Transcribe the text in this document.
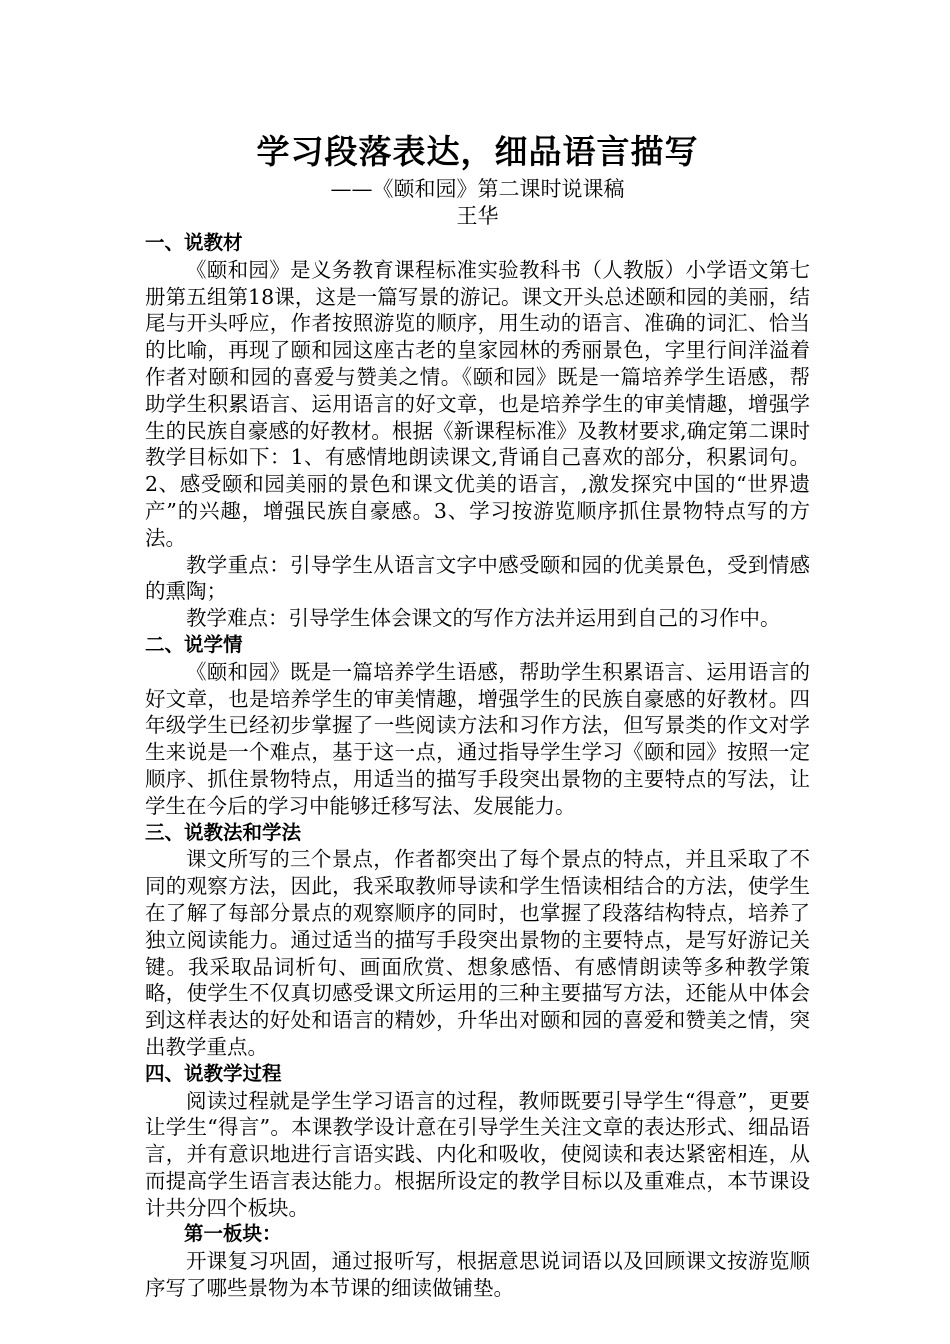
学习段落表达，细品语言描写

——《颐和园》第二课时说课稿

王华

一、说教材

《颐和园》是义务教育课程标准实验教科书（人教版）小学语文第七册第五组第18课，这是一篇写景的游记。课文开头总述颐和园的美丽，结尾与开头呼应，作者按照游览的顺序，用生动的语言、准确的词汇、恰当的比喻，再现了颐和园这座古老的皇家园林的秀丽景色，字里行间洋溢着作者对颐和园的喜爱与赞美之情。《颐和园》既是一篇培养学生语感，帮助学生积累语言、运用语言的好文章，也是培养学生的审美情趣，增强学生的民族自豪感的好教材。根据《新课程标准》及教材要求,确定第二课时教学目标如下：1、有感情地朗读课文,背诵自己喜欢的部分，积累词句。2、感受颐和园美丽的景色和课文优美的语言，,激发探究中国的“世界遗产”的兴趣，增强民族自豪感。3、学习按游览顺序抓住景物特点写的方法。

教学重点：引导学生从语言文字中感受颐和园的优美景色，受到情感的熏陶；

教学难点：引导学生体会课文的写作方法并运用到自己的习作中。

二、说学情

《颐和园》既是一篇培养学生语感，帮助学生积累语言、运用语言的好文章，也是培养学生的审美情趣，增强学生的民族自豪感的好教材。四年级学生已经初步掌握了一些阅读方法和习作方法，但写景类的作文对学生来说是一个难点，基于这一点，通过指导学生学习《颐和园》按照一定顺序、抓住景物特点，用适当的描写手段突出景物的主要特点的写法，让学生在今后的学习中能够迁移写法、发展能力。

三、说教法和学法

课文所写的三个景点，作者都突出了每个景点的特点，并且采取了不同的观察方法，因此，我采取教师导读和学生悟读相结合的方法，使学生在了解了每部分景点的观察顺序的同时，也掌握了段落结构特点，培养了独立阅读能力。通过适当的描写手段突出景物的主要特点，是写好游记关键。我采取品词析句、画面欣赏、想象感悟、有感情朗读等多种教学策略，使学生不仅真切感受课文所运用的三种主要描写方法，还能从中体会到这样表达的好处和语言的精妙，升华出对颐和园的喜爱和赞美之情，突出教学重点。

四、说教学过程

阅读过程就是学生学习语言的过程，教师既要引导学生“得意”，更要让学生“得言”。本课教学设计意在引导学生关注文章的表达形式、细品语言，并有意识地进行言语实践、内化和吸收，使阅读和表达紧密相连，从而提高学生语言表达能力。根据所设定的教学目标以及重难点，本节课设计共分四个板块。

第一板块：

开课复习巩固，通过报听写，根据意思说词语以及回顾课文按游览顺序写了哪些景物为本节课的细读做铺垫。
